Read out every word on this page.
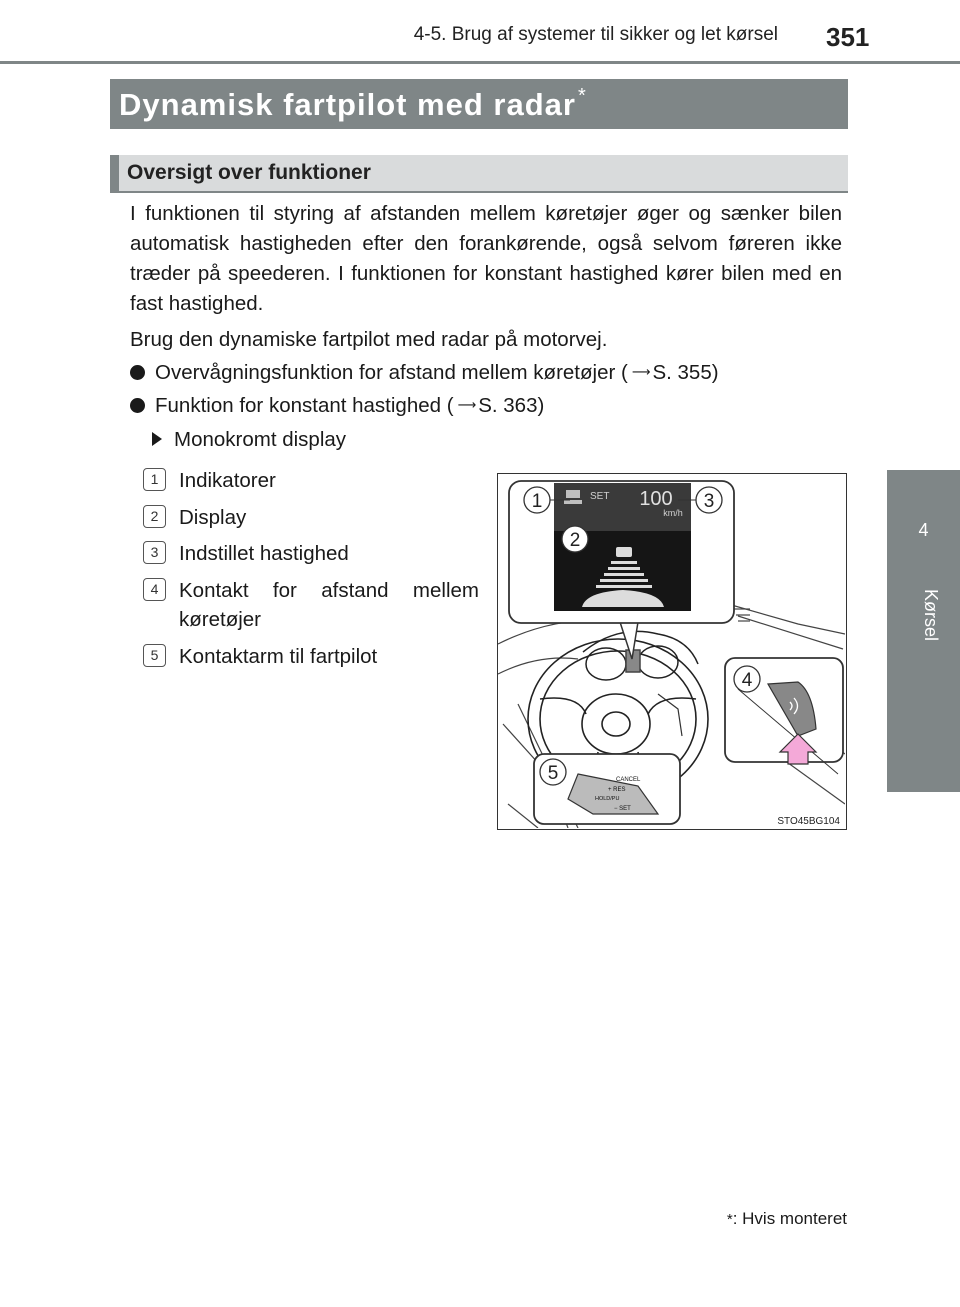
4-5. Brug af systemer til sikker og let kørsel 351
4
Kørsel
Dynamisk fartpilot med radar *
Oversigt over funktioner
I funktionen til styring af afstanden mellem køretøjer øger og sænker bilen automatisk hastigheden efter den forankørende, også selvom føreren ikke træder på speederen. I funktionen for konstant hastighed kører bilen med en fast hastighed.
Brug den dynamiske fartpilot med radar på motorvej.
Overvågningsfunktion for afstand mellem køretøjer ( ⟶S. 355)
Funktion for konstant hastighed ( ⟶S. 363)
Monokromt display
1	Indikatorer
2	Display
3	Indstillet hastighed
4	Kontakt for afstand mellem køretøjer
5	Kontaktarm til fartpilot
SET 100
km/h
CANCEL
+ RES
HOLD/PU
− SET
1
2
3
4
5
STO45BG104
*: Hvis monteret
